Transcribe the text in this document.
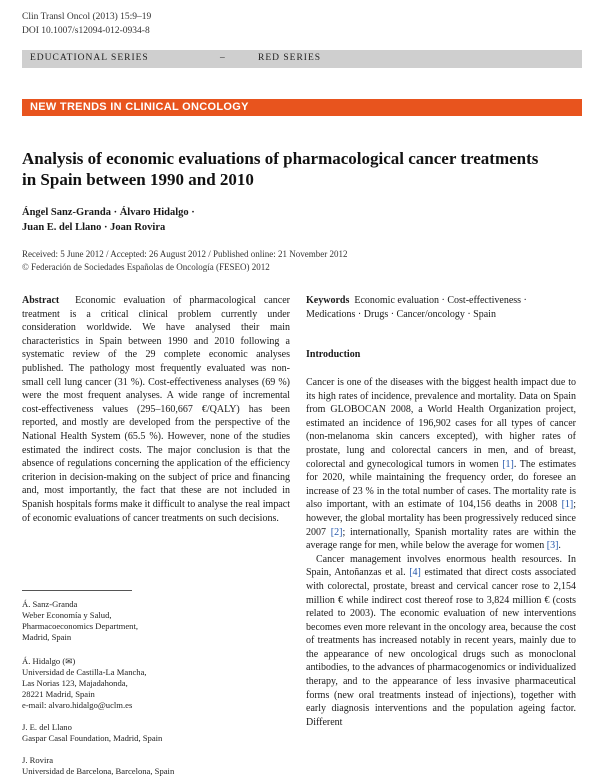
Clin Transl Oncol (2013) 15:9–19
DOI 10.1007/s12094-012-0934-8
EDUCATIONAL SERIES	–	RED SERIES
NEW TRENDS IN CLINICAL ONCOLOGY
Analysis of economic evaluations of pharmacological cancer treatments in Spain between 1990 and 2010
Ángel Sanz-Granda · Álvaro Hidalgo ·
Juan E. del Llano · Joan Rovira
Received: 5 June 2012 / Accepted: 26 August 2012 / Published online: 21 November 2012
© Federación de Sociedades Españolas de Oncología (FESEO) 2012

Abstract Economic evaluation of pharmacological cancer treatment is a critical clinical problem currently under consideration worldwide. We have analysed their main characteristics in Spain between 1990 and 2010 following a systematic review of the 29 complete economic analyses published. The pathology most frequently evaluated was non-small cell lung cancer (31 %). Cost-effectiveness analyses (69 %) were the most frequent analyses. A wide range of incremental cost-effectiveness values (295–160,667 €/QALY) has been reported, and mostly are developed from the perspective of the National Health System (65.5 %). However, none of the studies estimated the indirect costs. The major conclusion is that the absence of regulations concerning the application of the efficiency criterion in decision-making on the subject of price and financing and, most importantly, the fact that these are not included in Spanish hospitals forms make it difficult to analyse the real impact of economic evaluations of cancer treatments on such decisions.

Keywords Economic evaluation · Cost-effectiveness · Medications · Drugs · Cancer/oncology · Spain
Introduction

Cancer is one of the diseases with the biggest health impact due to its high rates of incidence, prevalence and mortality. Data on Spain from GLOBOCAN 2008, a World Health Organization project, estimated an incidence of 196,902 cases for all types of cancer (non-melanoma skin cancers excepted), with higher rates of prostate, lung and colorectal cancers in men, and of breast, colorectal and gynecological tumors in women [1]. The estimates for 2020, while maintaining the frequency order, do foresee an increase of 23 % in the total number of cases. The mortality rate is also important, with an estimate of 104,156 deaths in 2008 [1]; however, the global mortality has been progressively reduced since 2007 [2]; internationally, Spanish mortality rates are within the average range for men, while below the average for women [3].

Cancer management involves enormous health resources. In Spain, Antoñanzas et al. [4] estimated that direct costs associated with colorectal, prostate, breast and cervical cancer rose to 2,154 million € while indirect cost thereof rose to 3,824 million € (costs related to 2003). The economic evaluation of new interventions becomes even more relevant in the oncology area, because the cost of treatments has increased notably in recent years, mainly due to the appearance of new oncological drugs such as monoclonal antibodies, to the advances of pharmacogenomics or individualized therapy, and to the appearance of less invasive pharmaceutical forms (new oral treatments instead of injections), together with early diagnosis interventions and the population ageing factor. Different

Á. Sanz-Granda
Weber Economía y Salud,
Pharmacoeconomics Department,
Madrid, Spain
Á. Hidalgo (✉)
Universidad de Castilla-La Mancha,
Las Norias 123, Majadahonda,
28221 Madrid, Spain
e-mail: alvaro.hidalgo@uclm.es
J. E. del Llano
Gaspar Casal Foundation, Madrid, Spain
J. Rovira
Universidad de Barcelona, Barcelona, Spain
